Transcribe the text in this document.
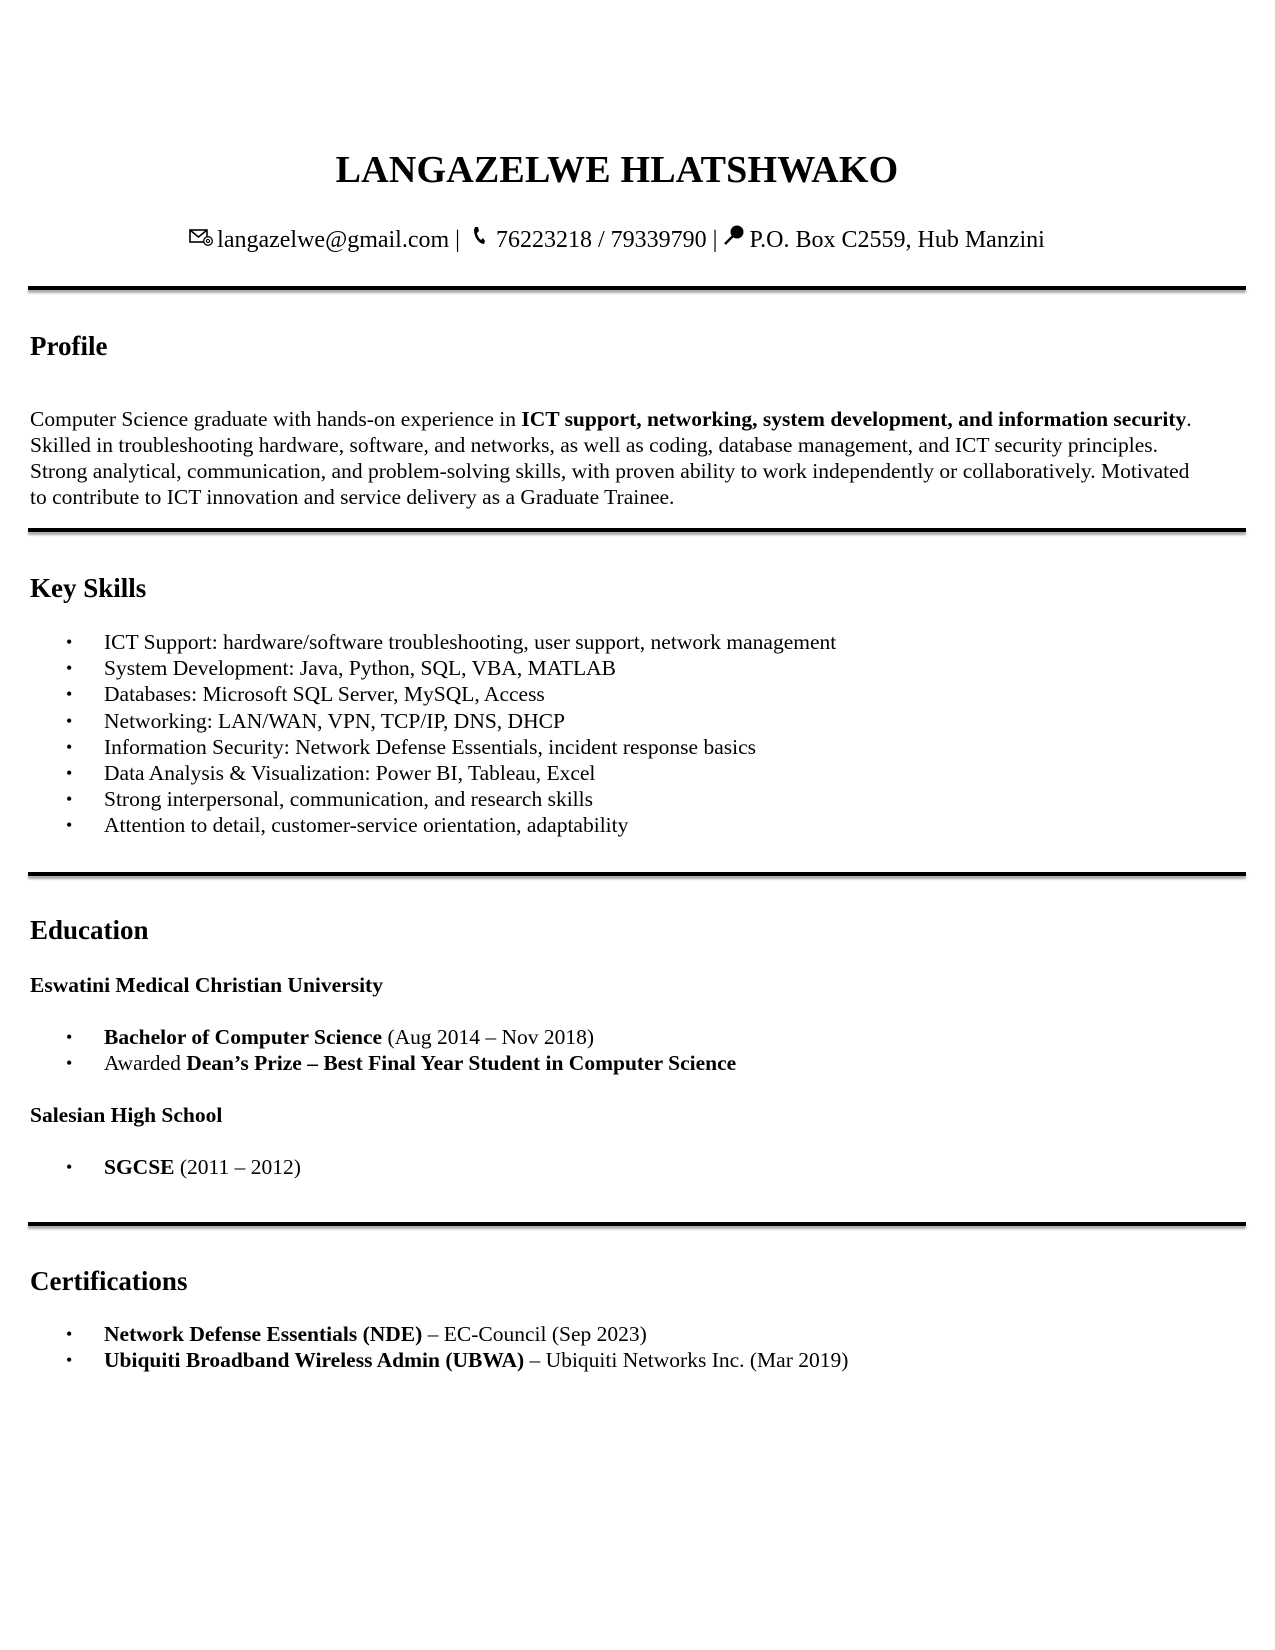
LANGAZELWE HLATSHWAKO
langazelwe@gmail.com | 76223218 / 79339790 | P.O. Box C2559, Hub Manzini
Profile
Computer Science graduate with hands-on experience in ICT support, networking, system development, and information security. Skilled in troubleshooting hardware, software, and networks, as well as coding, database management, and ICT security principles. Strong analytical, communication, and problem-solving skills, with proven ability to work independently or collaboratively. Motivated to contribute to ICT innovation and service delivery as a Graduate Trainee.
Key Skills
• ICT Support: hardware/software troubleshooting, user support, network management
• System Development: Java, Python, SQL, VBA, MATLAB
• Databases: Microsoft SQL Server, MySQL, Access
• Networking: LAN/WAN, VPN, TCP/IP, DNS, DHCP
• Information Security: Network Defense Essentials, incident response basics
• Data Analysis & Visualization: Power BI, Tableau, Excel
• Strong interpersonal, communication, and research skills
• Attention to detail, customer-service orientation, adaptability
Education
Eswatini Medical Christian University
• Bachelor of Computer Science (Aug 2014 – Nov 2018)
• Awarded Dean’s Prize – Best Final Year Student in Computer Science
Salesian High School
• SGCSE (2011 – 2012)
Certifications
• Network Defense Essentials (NDE) – EC-Council (Sep 2023)
• Ubiquiti Broadband Wireless Admin (UBWA) – Ubiquiti Networks Inc. (Mar 2019)
